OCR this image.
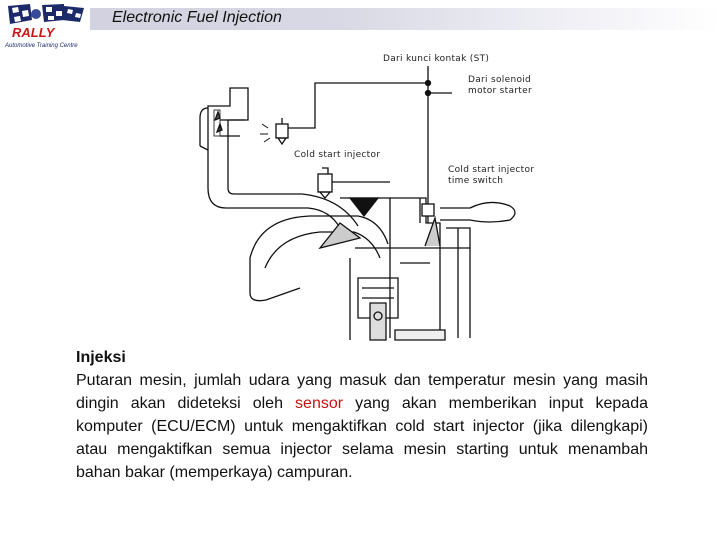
RALLY
Automotive Training Centre
Electronic Fuel Injection
Dari kunci kontak (ST)
Dari solenoid
motor starter
Cold start injector
Cold start injector
time switch
Injeksi

Putaran mesin, jumlah udara yang masuk dan temperatur mesin yang masih dingin akan dideteksi oleh sensor yang akan memberikan input kepada komputer (ECU/ECM) untuk mengaktifkan cold start injector (jika dilengkapi) atau mengaktifkan semua injector selama mesin starting untuk menambah bahan bakar (memperkaya) campuran.
